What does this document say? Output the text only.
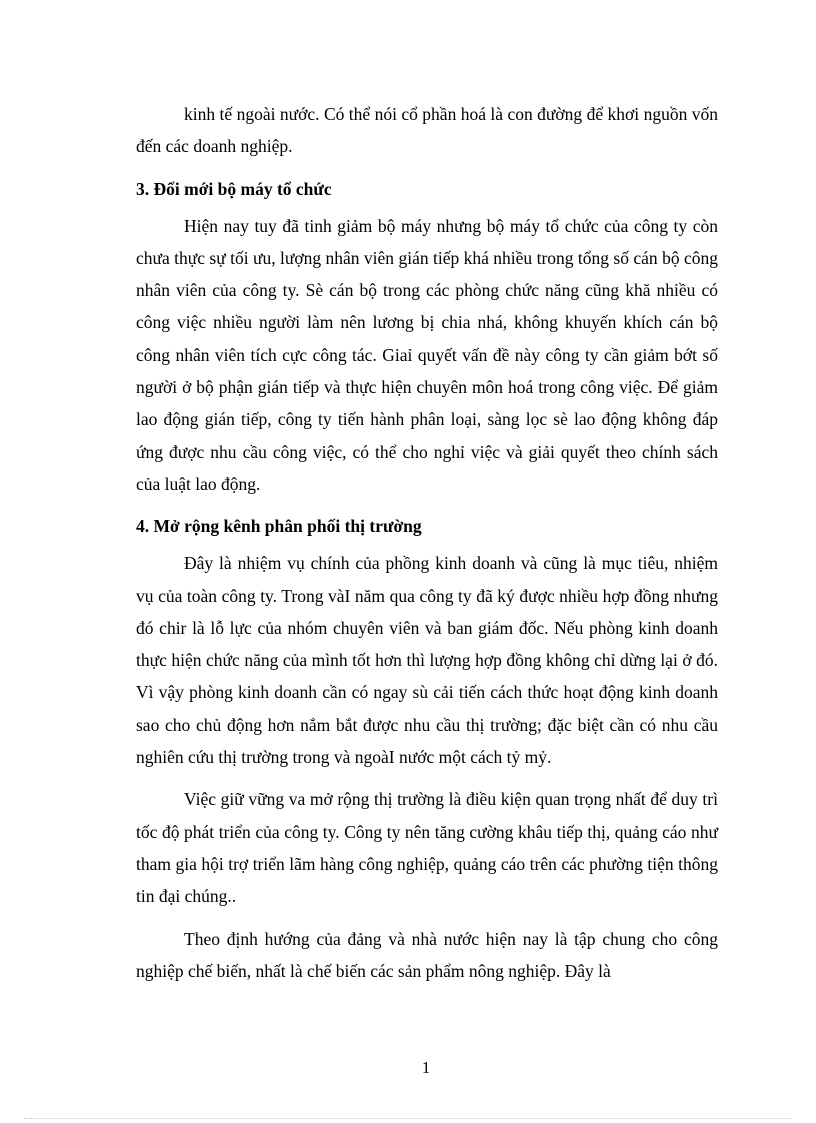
kinh tế ngoài nước. Có thể nói cổ phần hoá là con đường để khơi nguồn vốn đến các doanh nghiệp.

3. Đổi mới bộ máy tổ chức

Hiện nay tuy đã tinh giảm bộ máy nhưng bộ máy tổ chức của công ty còn chưa thực sự tối ưu, lượng nhân viên gián tiếp khá nhiều trong tổng số cán bộ công nhân viên của công ty. Sè cán bộ trong các phòng chức năng cũng khă nhiều có công việc nhiều người làm nên lương bị chia nhá, không khuyến khích cán bộ công nhân viên tích cực công tác. Giaỉ quyết vấn đề này công ty cần giảm bớt số người ở bộ phận gián tiếp và thực hiện chuyên môn hoá trong công việc. Để giảm lao động gián tiếp, công ty tiến hành phân loại, sàng lọc sè lao động không đáp ứng được nhu cầu công việc, có thể cho nghỉ việc và giải quyết theo chính sách của luật lao động.

4. Mở rộng kênh phân phối thị trường

Đây là nhiệm vụ chính của phồng kinh doanh và cũng là mục tiêu, nhiệm vụ của toàn công ty. Trong vàI năm qua công ty đã ký được nhiều hợp đồng nhưng đó chir là lỗ lực của nhóm chuyên viên và ban giám đốc. Nếu phòng kinh doanh thực hiện chức năng của mình tốt hơn thì lượng hợp đồng không chỉ dừng lại ở đó. Vì vậy phòng kinh doanh cần có ngay sù cải tiến cách thức hoạt động kinh doanh sao cho chủ động hơn nắm bắt được nhu cầu thị trường; đặc biệt cần có nhu cầu nghiên cứu thị trường trong và ngoàI nước một cách tỷ mỷ.

Việc giữ vững va mở rộng thị trường là điều kiện quan trọng nhất để duy trì tốc độ phát triển của công ty. Công ty nên tăng cường khâu tiếp thị, quảng cáo như tham gia hội trợ triển lãm hàng công nghiệp, quảng cáo trên các phường tiện thông tin đại chúng..

Theo định hướng của đảng và nhà nước hiện nay là tập chung cho công nghiệp chế biến, nhất là chế biến các sản phẩm nông nghiệp. Đây là

1
